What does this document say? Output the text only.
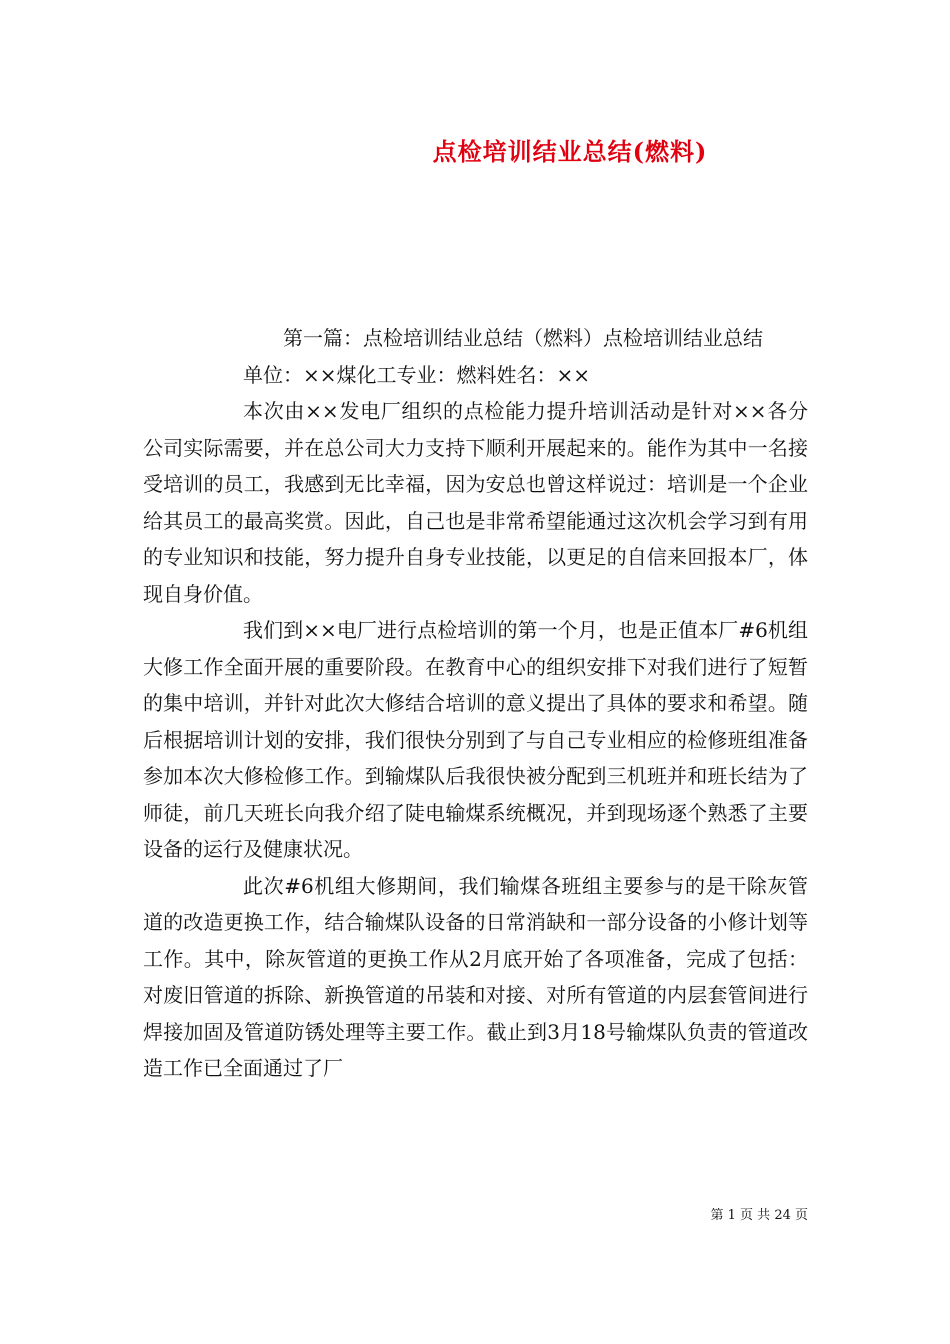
点检培训结业总结(燃料)

第一篇：点检培训结业总结（燃料）点检培训结业总结

单位：××煤化工专业：燃料姓名：××

本次由××发电厂组织的点检能力提升培训活动是针对××各分公司实际需要，并在总公司大力支持下顺利开展起来的。能作为其中一名接受培训的员工，我感到无比幸福，因为安总也曾这样说过：培训是一个企业给其员工的最高奖赏。因此，自己也是非常希望能通过这次机会学习到有用的专业知识和技能，努力提升自身专业技能，以更足的自信来回报本厂，体现自身价值。

我们到××电厂进行点检培训的第一个月，也是正值本厂#6机组大修工作全面开展的重要阶段。在教育中心的组织安排下对我们进行了短暂的集中培训，并针对此次大修结合培训的意义提出了具体的要求和希望。随后根据培训计划的安排，我们很快分别到了与自己专业相应的检修班组准备参加本次大修检修工作。到输煤队后我很快被分配到三机班并和班长结为了师徒，前几天班长向我介绍了陡电输煤系统概况，并到现场逐个熟悉了主要设备的运行及健康状况。

此次#6机组大修期间，我们输煤各班组主要参与的是干除灰管道的改造更换工作，结合输煤队设备的日常消缺和一部分设备的小修计划等工作。其中，除灰管道的更换工作从2月底开始了各项准备，完成了包括：对废旧管道的拆除、新换管道的吊装和对接、对所有管道的内层套管间进行焊接加固及管道防锈处理等主要工作。截止到3月18号输煤队负责的管道改造工作已全面通过了厂

第 1 页 共 24 页
